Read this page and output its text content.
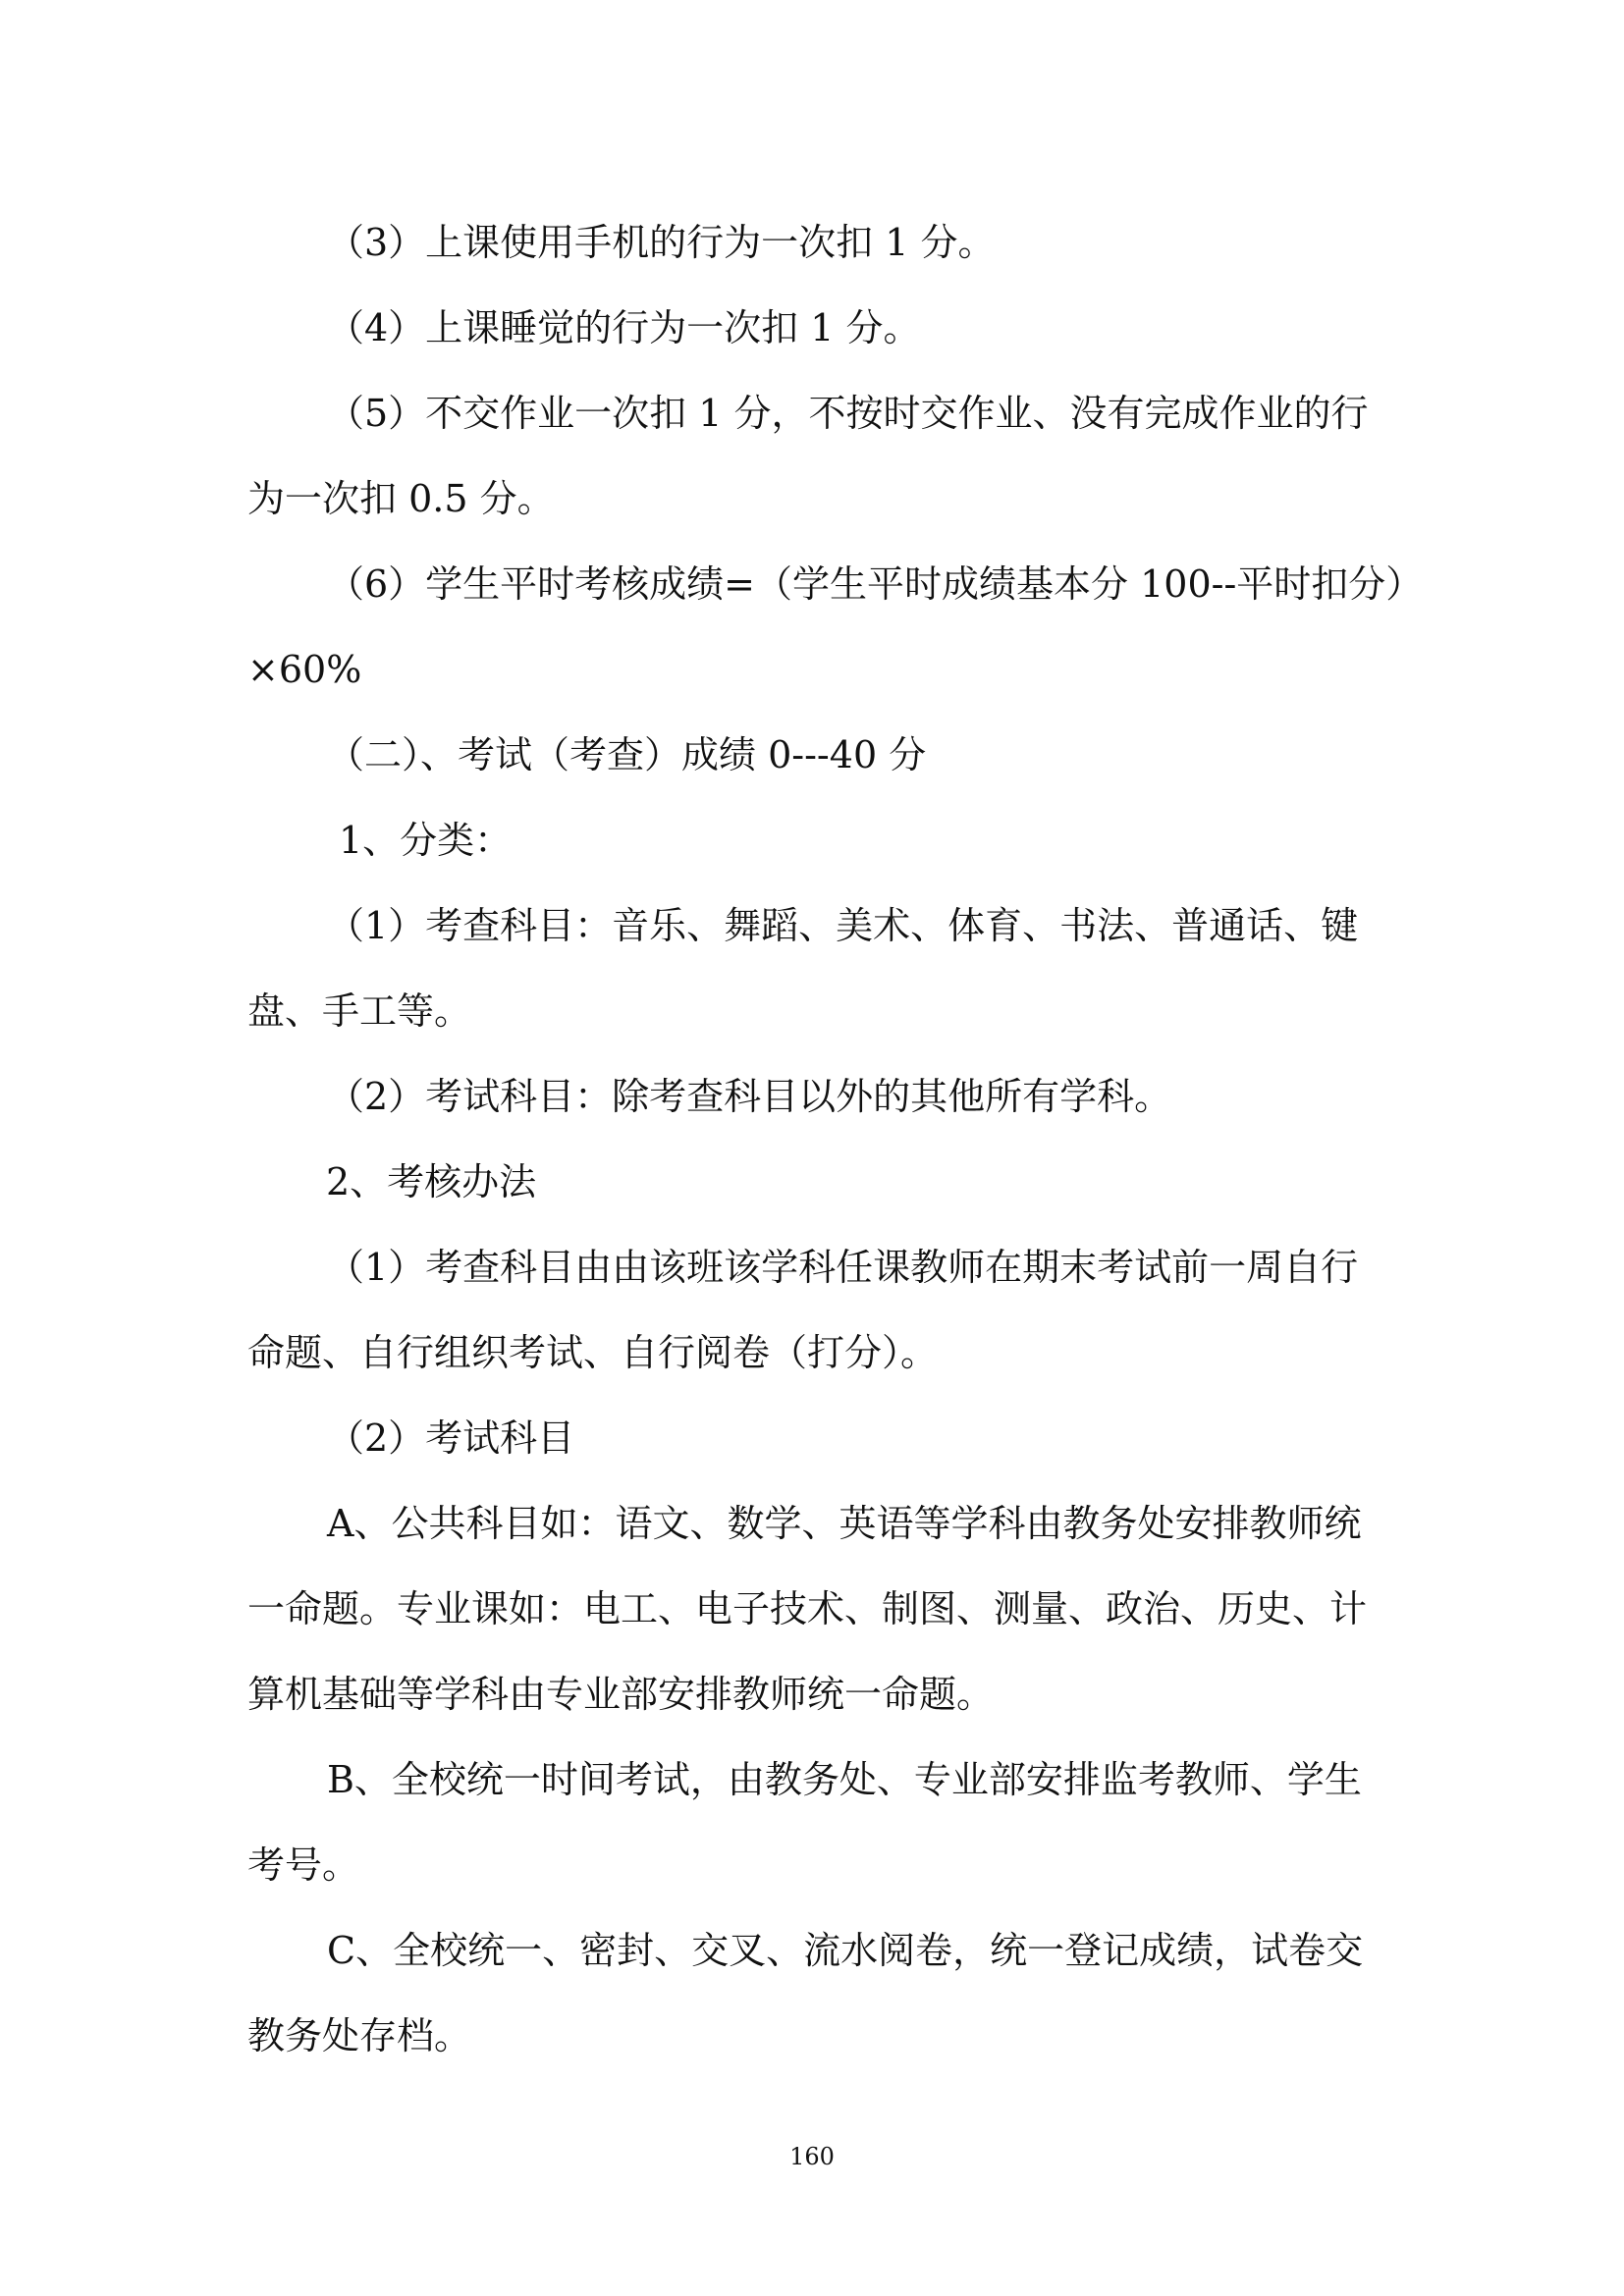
（3）上课使用手机的行为一次扣 1 分。
（4）上课睡觉的行为一次扣 1 分。
（5）不交作业一次扣 1 分，不按时交作业、没有完成作业的行
为一次扣 0.5 分。
（6）学生平时考核成绩=（学生平时成绩基本分 100--平时扣分）
×60%
（二）、考试（考查）成绩 0---40 分
1、分类：
（1）考查科目：音乐、舞蹈、美术、体育、书法、普通话、键
盘、手工等。
（2）考试科目：除考查科目以外的其他所有学科。
2、考核办法
（1）考查科目由由该班该学科任课教师在期末考试前一周自行
命题、自行组织考试、自行阅卷（打分）。
（2）考试科目
A、公共科目如：语文、数学、英语等学科由教务处安排教师统
一命题。专业课如：电工、电子技术、制图、测量、政治、历史、计
算机基础等学科由专业部安排教师统一命题。
B、全校统一时间考试，由教务处、专业部安排监考教师、学生
考号。
C、全校统一、密封、交叉、流水阅卷，统一登记成绩，试卷交
教务处存档。
160
